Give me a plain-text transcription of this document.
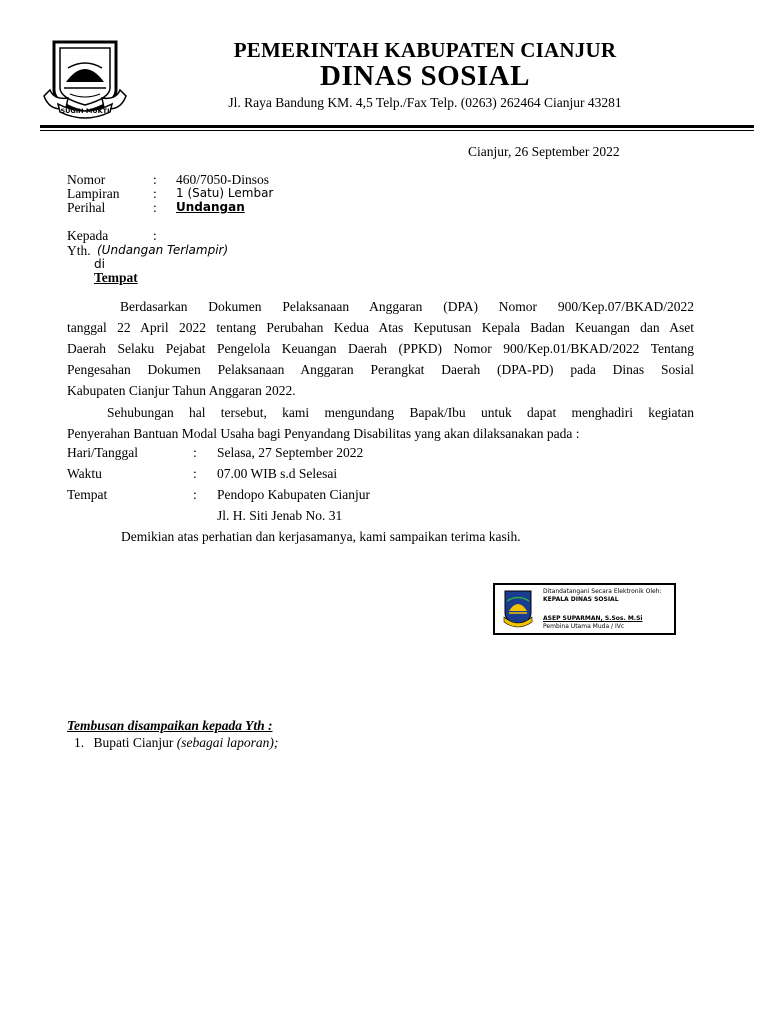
SUGIH MUKTI
PEMERINTAH KABUPATEN CIANJUR
DINAS SOSIAL
Jl. Raya Bandung KM. 4,5 Telp./Fax Telp. (0263) 262464 Cianjur 43281
Cianjur, 26 September 2022
Nomor	: 460/7050-Dinsos
Lampiran : 1 (Satu) Lembar
Perihal	: Undangan
Kepada	:
Yth. (Undangan Terlampir)
di
Tempat
Berdasarkan Dokumen Pelaksanaan Anggaran (DPA) Nomor 900/Kep.07/BKAD/2022
tanggal 22 April 2022 tentang Perubahan Kedua Atas Keputusan Kepala Badan Keuangan dan Aset
Daerah Selaku Pejabat Pengelola Keuangan Daerah (PPKD) Nomor 900/Kep.01/BKAD/2022 Tentang
Pengesahan Dokumen Pelaksanaan Anggaran Perangkat Daerah (DPA-PD) pada Dinas Sosial
Kabupaten Cianjur Tahun Anggaran 2022.
Sehubungan hal tersebut, kami mengundang Bapak/Ibu untuk dapat menghadiri kegiatan
Penyerahan Bantuan Modal Usaha bagi Penyandang Disabilitas yang akan dilaksanakan pada :
Hari/Tanggal	: Selasa, 27 September 2022
Waktu	: 07.00 WIB s.d Selesai
Tempat	: Pendopo Kabupaten Cianjur
Jl. H. Siti Jenab No. 31
Demikian atas perhatian dan kerjasamanya, kami sampaikan terima kasih.
Ditandatangani Secara Elektronik Oleh:
KEPALA DINAS SOSIAL
ASEP SUPARMAN, S.Sos. M.Si
Pembina Utama Muda / IVc
Tembusan disampaikan kepada Yth :
1. Bupati Cianjur (sebagai laporan);
